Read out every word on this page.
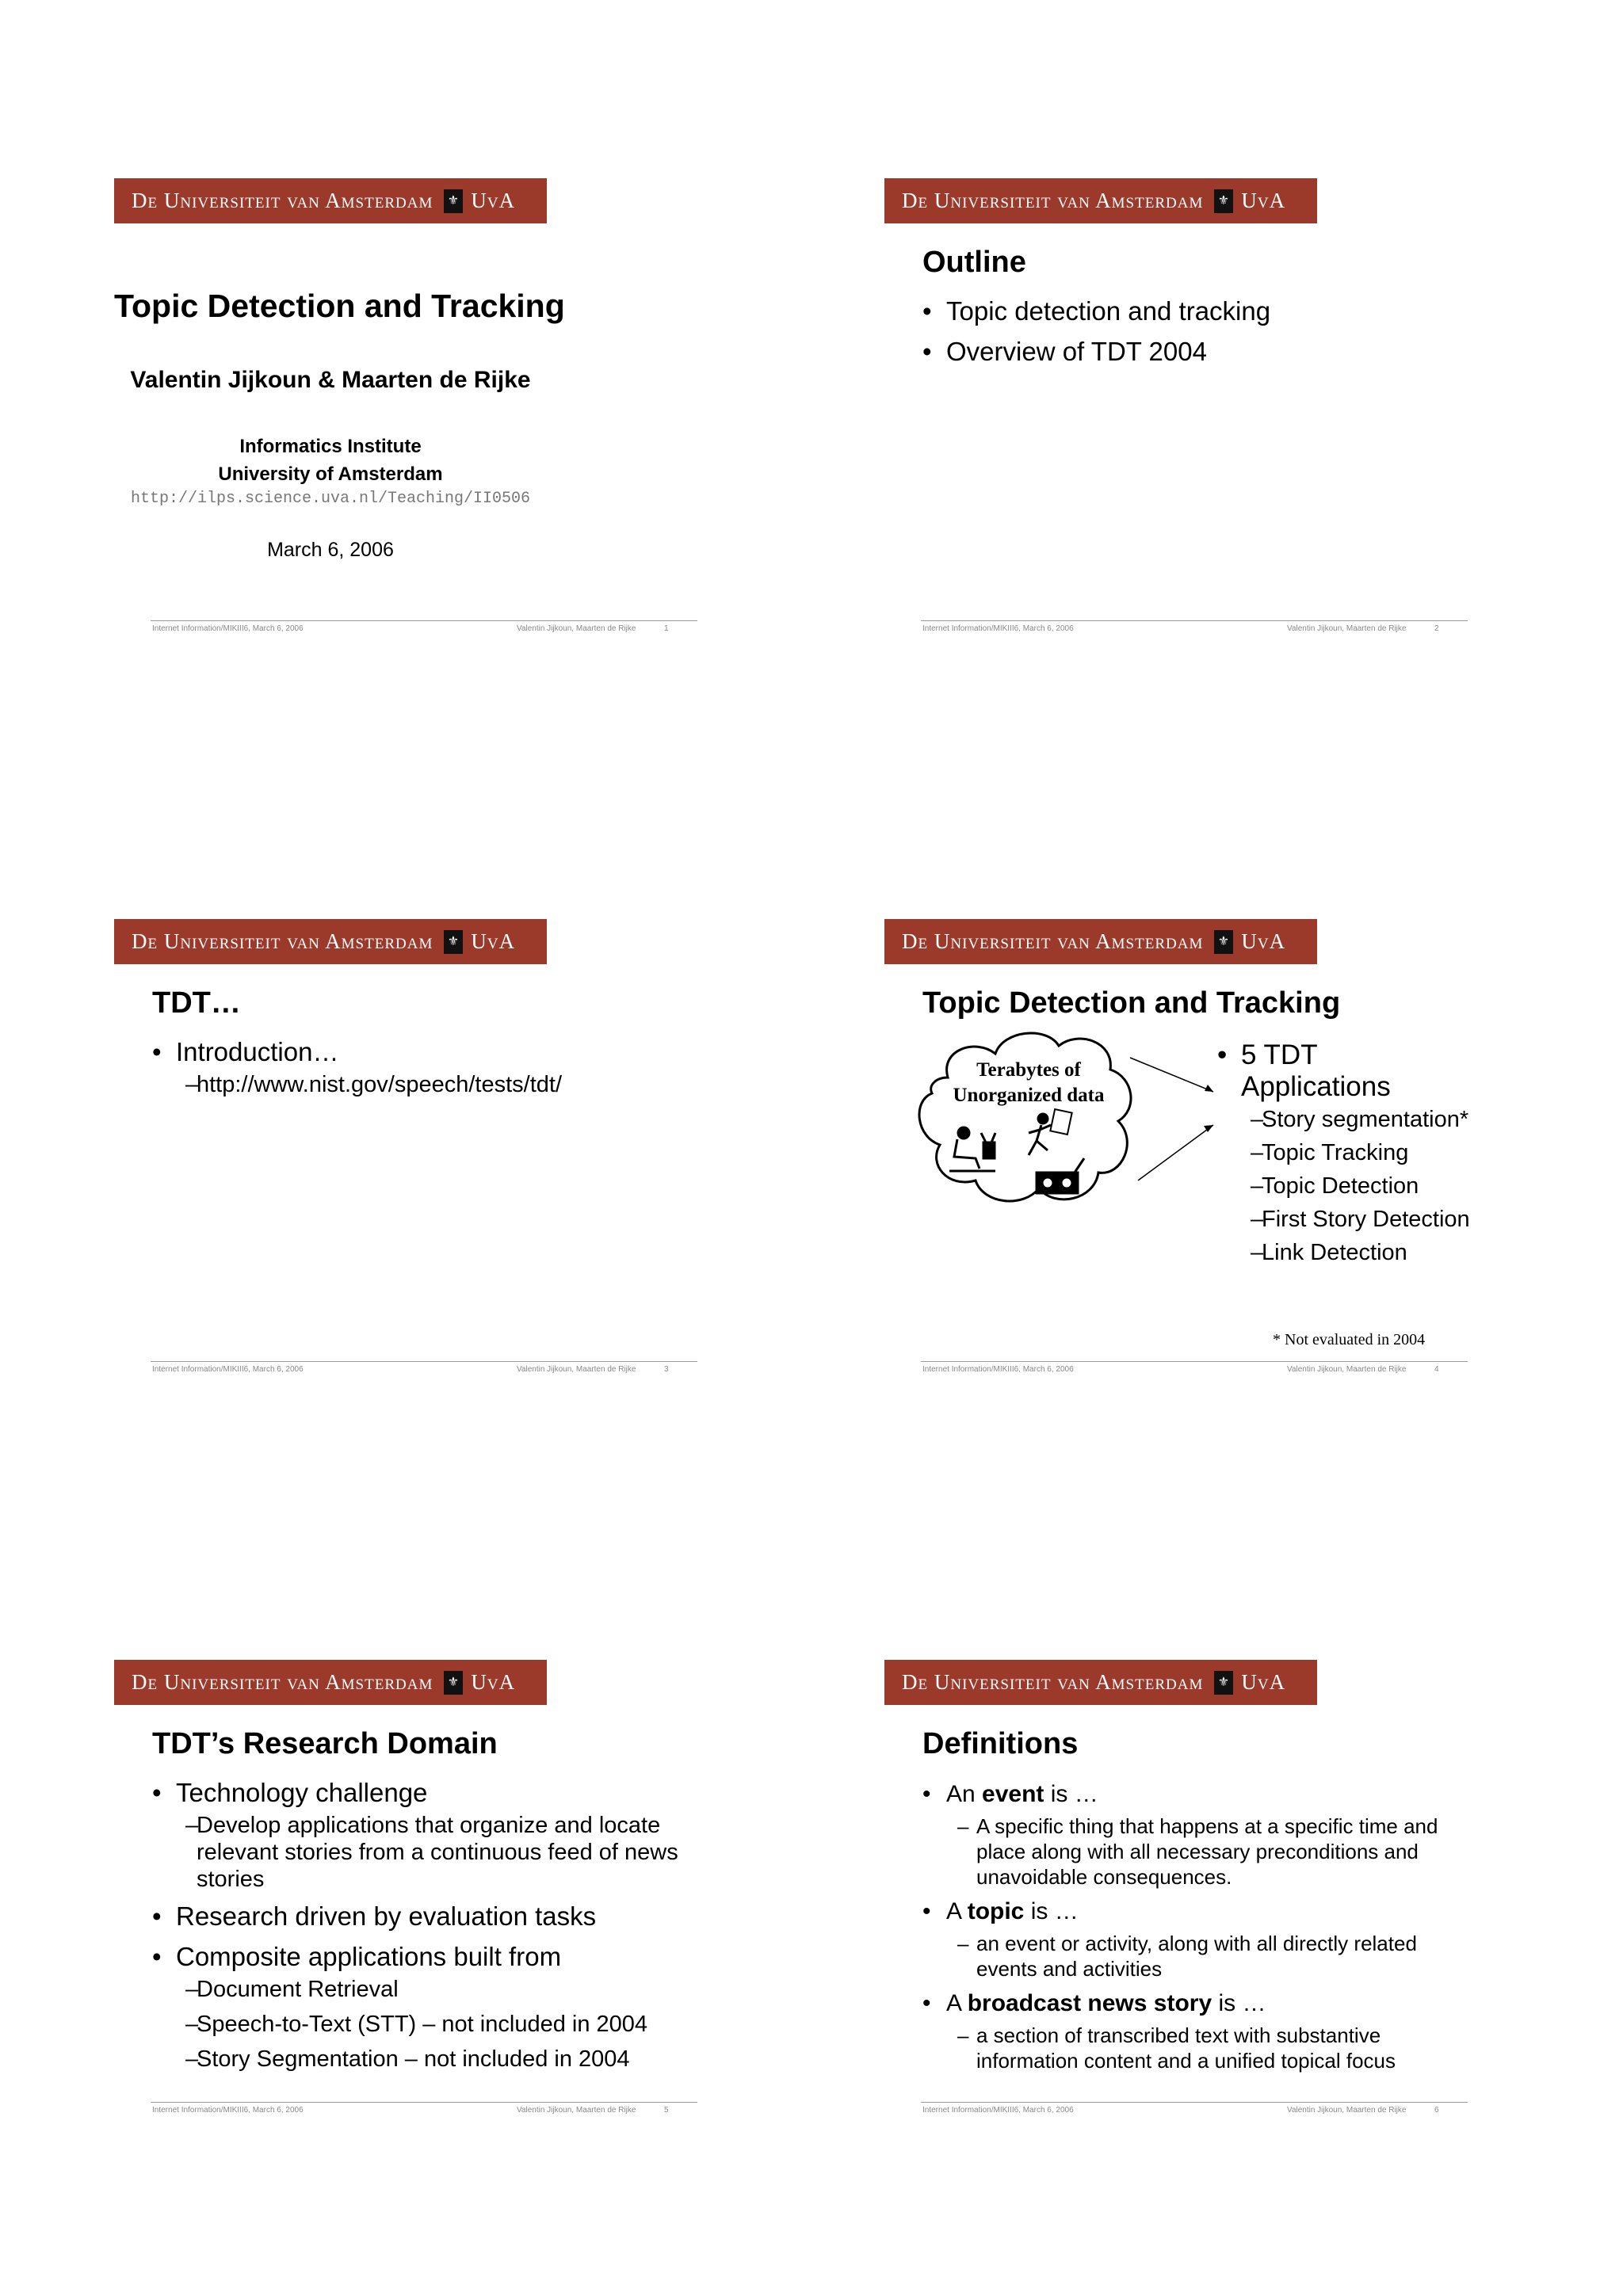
De Universiteit van Amsterdam ⚜ UvA
Topic Detection and Tracking
Valentin Jijkoun & Maarten de Rijke
Informatics Institute
University of Amsterdam
http://ilps.science.uva.nl/Teaching/II0506
March 6, 2006
Internet Information/MIKIII6, March 6, 2006	Valentin Jijkoun, Maarten de Rijke	1
De Universiteit van Amsterdam ⚜ UvA
Outline
• Topic detection and tracking
• Overview of TDT 2004
Internet Information/MIKIII6, March 6, 2006	Valentin Jijkoun, Maarten de Rijke	2
De Universiteit van Amsterdam ⚜ UvA
TDT…
• Introduction…
– http://www.nist.gov/speech/tests/tdt/
Internet Information/MIKIII6, March 6, 2006	Valentin Jijkoun, Maarten de Rijke	3
De Universiteit van Amsterdam ⚜ UvA
Topic Detection and Tracking
Terabytes of
Unorganized data
• 5 TDT Applications
– Story segmentation*
– Topic Tracking
– Topic Detection
– First Story Detection
– Link Detection
* Not evaluated in 2004
Internet Information/MIKIII6, March 6, 2006	Valentin Jijkoun, Maarten de Rijke	4
De Universiteit van Amsterdam ⚜ UvA
TDT’s Research Domain
• Technology challenge
– Develop applications that organize and locate relevant stories from a continuous feed of news stories
• Research driven by evaluation tasks
• Composite applications built from
– Document Retrieval
– Speech-to-Text (STT) – not included in 2004
– Story Segmentation – not included in 2004
Internet Information/MIKIII6, March 6, 2006	Valentin Jijkoun, Maarten de Rijke	5
De Universiteit van Amsterdam ⚜ UvA
Definitions
• An event is …
– A specific thing that happens at a specific time and place along with all necessary preconditions and unavoidable consequences.
• A topic is …
– an event or activity, along with all directly related events and activities
• A broadcast news story is …
– a section of transcribed text with substantive information content and a unified topical focus
Internet Information/MIKIII6, March 6, 2006	Valentin Jijkoun, Maarten de Rijke	6
